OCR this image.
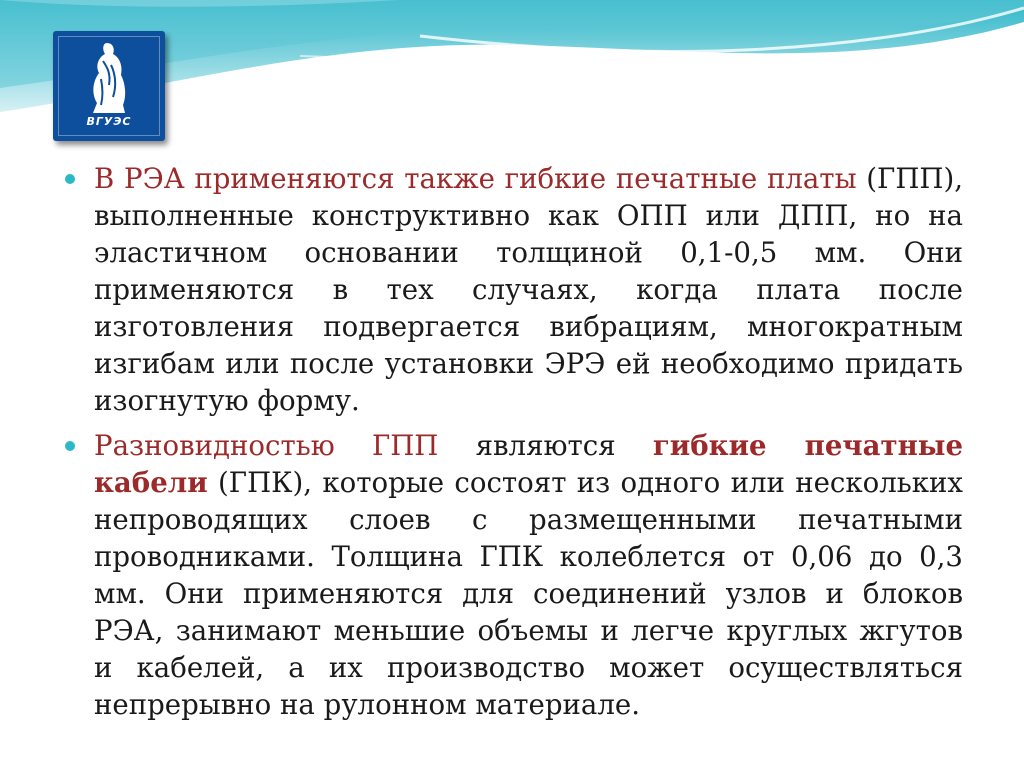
ВГУЭС
В РЭА применяются также гибкие печатные платы (ГПП), выполненные конструктивно как ОПП или ДПП, но на эластичном основании толщиной 0,1-0,5 мм. Они применяются в тех случаях, когда плата после изготовления подвергается вибрациям, многократным изгибам или после установки ЭРЭ ей необходимо придать изогнутую форму.
Разновидностью ГПП являются гибкие печатные кабели (ГПК), которые состоят из одного или нескольких непроводящих слоев с размещенными печатными проводниками. Толщина ГПК колеблется от 0,06 до 0,3 мм. Они применяются для соединений узлов и блоков РЭА, занимают меньшие объемы и легче круглых жгутов и кабелей, а их производство может осуществляться непрерывно на рулонном материале.
